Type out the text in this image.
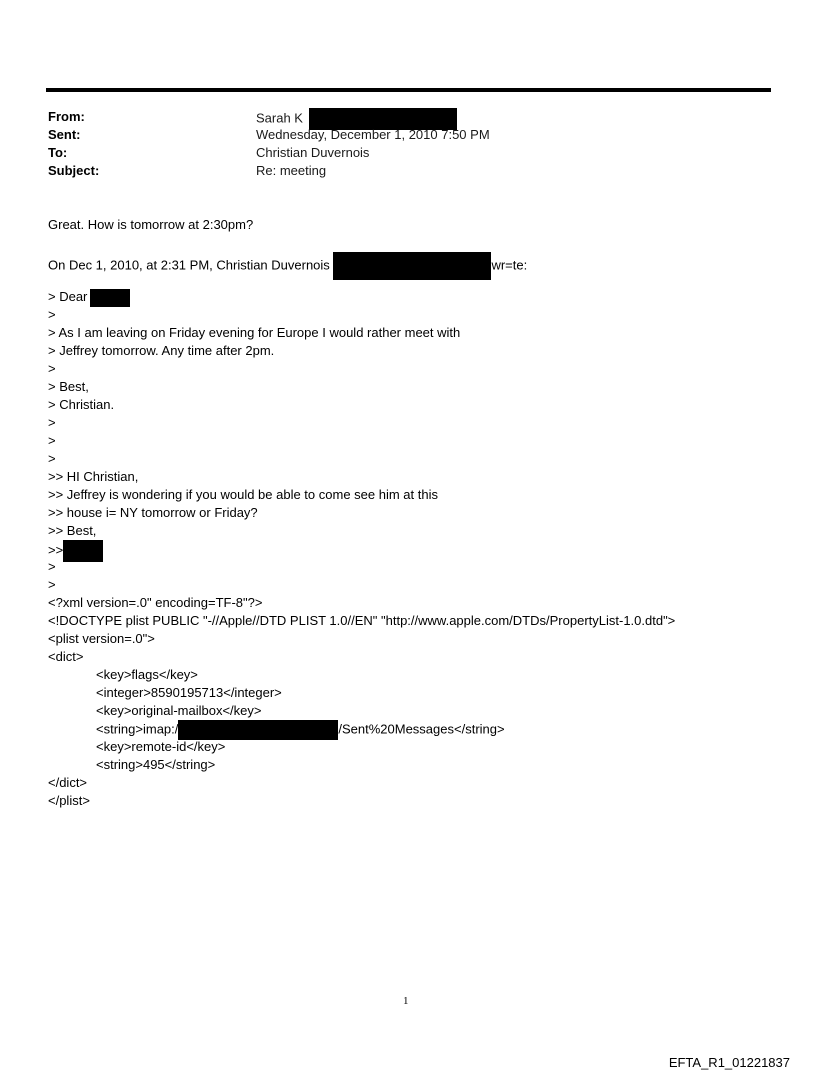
From:	Sarah K
Sent:	Wednesday, December 1, 2010 7:50 PM
To:	Christian Duvernois
Subject:	Re: meeting
Great. How is tomorrow at 2:30pm?
On Dec 1, 2010, at 2:31 PM, Christian Duvernois	wr=te:
> Dear
>
> As I am leaving on Friday evening for Europe I would rather meet with
> Jeffrey tomorrow. Any time after 2pm.
>
> Best,
> Christian.
>
>
>
>> HI Christian,
>> Jeffrey is wondering if you would be able to come see him at this
>> house i= NY tomorrow or Friday?
>> Best,
>>
>
>
<?xml version=.0" encoding=TF-8"?>
<!DOCTYPE plist PUBLIC "-//Apple//DTD PLIST 1.0//EN" "http://www.apple.com/DTDs/PropertyList-1.0.dtd">
<plist version=.0">
<dict>
<key>flags</key>
<integer>8590195713</integer>
<key>original-mailbox</key>
<string>imap:/	/Sent%20Messages</string>
<key>remote-id</key>
<string>495</string>
</dict>
</plist>
1
EFTA_R1_01221837
